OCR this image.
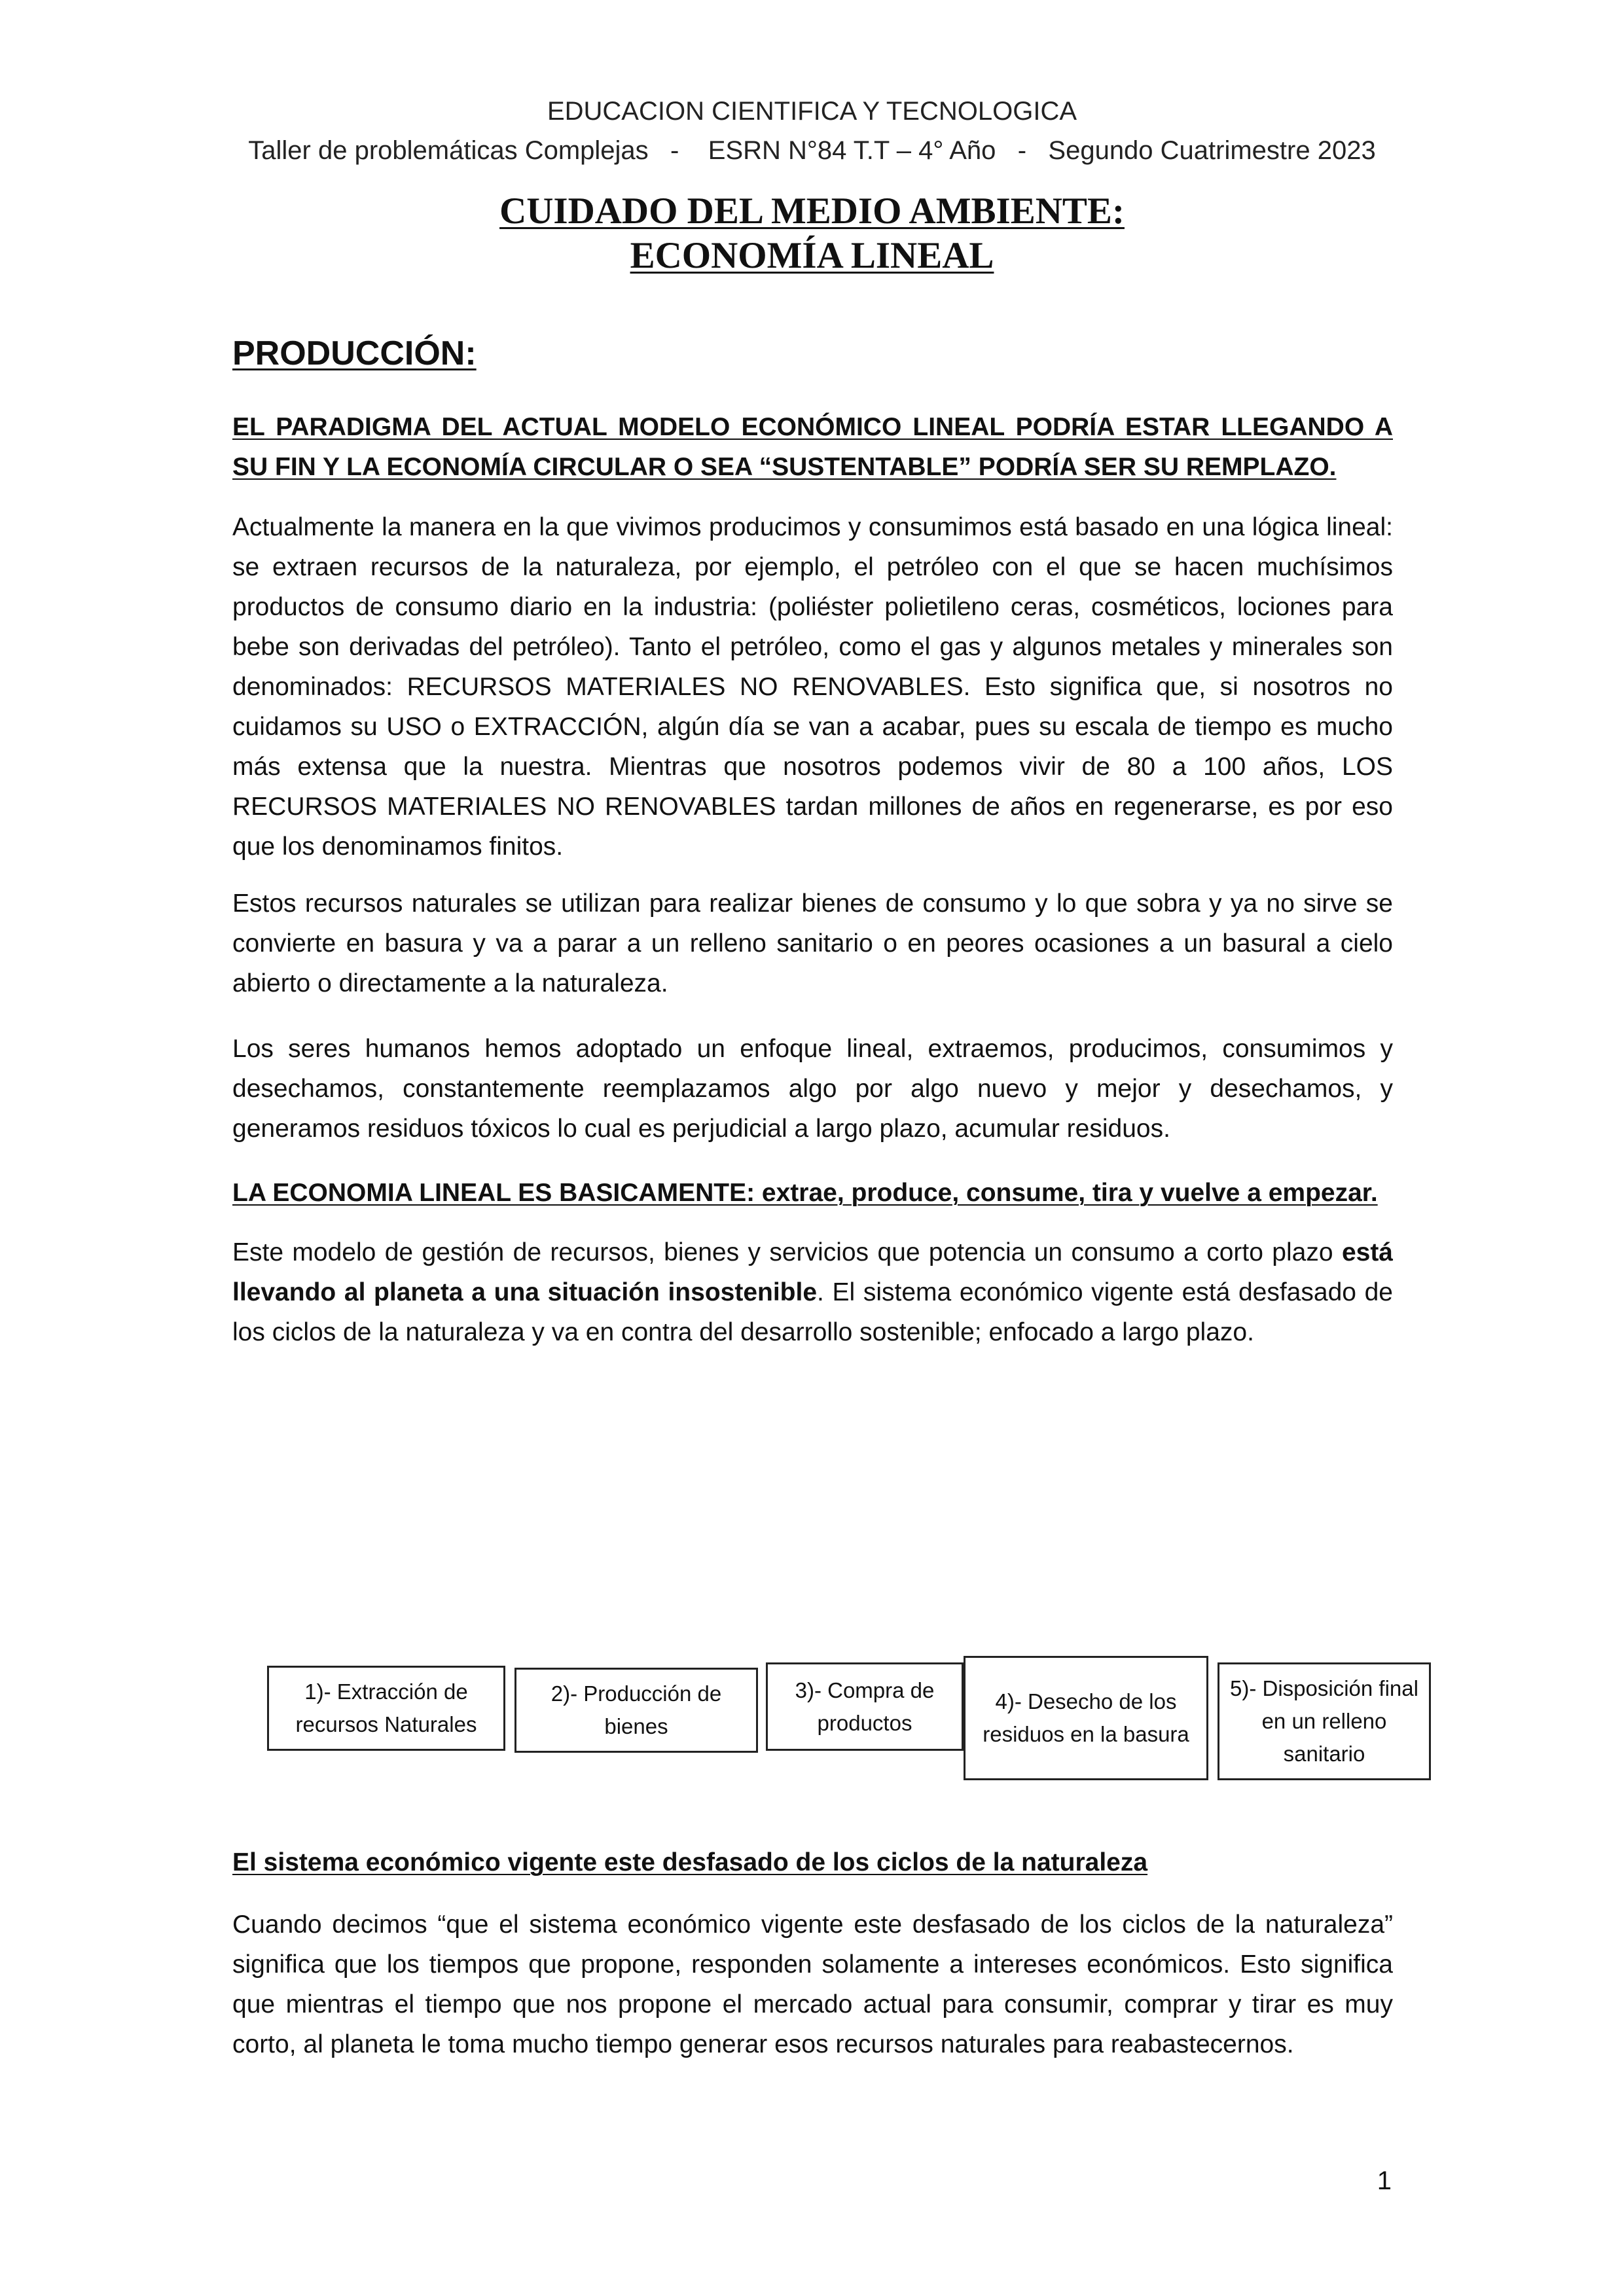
EDUCACION CIENTIFICA Y TECNOLOGICA
Taller de problemáticas Complejas   -    ESRN N°84 T.T – 4° Año   -   Segundo Cuatrimestre 2023
CUIDADO DEL MEDIO AMBIENTE:
ECONOMÍA LINEAL
PRODUCCIÓN:
EL PARADIGMA DEL ACTUAL MODELO ECONÓMICO LINEAL PODRÍA ESTAR LLEGANDO A SU FIN Y LA ECONOMÍA CIRCULAR O SEA “SUSTENTABLE” PODRÍA SER SU REMPLAZO.
Actualmente la manera en la que vivimos producimos y consumimos está basado en una lógica lineal: se extraen recursos de la naturaleza, por ejemplo, el petróleo con el que se hacen muchísimos productos de consumo diario en la industria: (poliéster polietileno ceras, cosméticos, lociones para bebe son derivadas del petróleo). Tanto el petróleo, como el gas y algunos metales y minerales son denominados: RECURSOS MATERIALES NO RENOVABLES. Esto significa que, si nosotros no cuidamos su USO o EXTRACCIÓN, algún día se van a acabar, pues su escala de tiempo es mucho más extensa que la nuestra. Mientras que nosotros podemos vivir de 80 a 100 años, LOS RECURSOS MATERIALES NO RENOVABLES tardan millones de años en regenerarse, es por eso que los denominamos finitos.
Estos recursos naturales se utilizan para realizar bienes de consumo y lo que sobra y ya no sirve se convierte en basura y va a parar a un relleno sanitario o en peores ocasiones a un basural a cielo abierto o directamente a la naturaleza.
Los seres humanos hemos adoptado un enfoque lineal, extraemos, producimos, consumimos y desechamos, constantemente reemplazamos algo por algo nuevo y mejor y desechamos, y generamos residuos tóxicos lo cual es perjudicial a largo plazo, acumular residuos.
LA ECONOMIA LINEAL ES BASICAMENTE: extrae, produce, consume, tira y vuelve a empezar.
Este modelo de gestión de recursos, bienes y servicios que potencia un consumo a corto plazo está llevando al planeta a una situación insostenible. El sistema económico vigente está desfasado de los ciclos de la naturaleza y va en contra del desarrollo sostenible; enfocado a largo plazo.
1)- Extracción de recursos Naturales
2)- Producción de bienes
3)- Compra de productos
4)- Desecho de los residuos en la basura
5)- Disposición final en un relleno sanitario
El sistema económico vigente este desfasado de los ciclos de la naturaleza
Cuando decimos “que el sistema económico vigente este desfasado de los ciclos de la naturaleza” significa que los tiempos que propone, responden solamente a intereses económicos. Esto significa que mientras el tiempo que nos propone el mercado actual para consumir, comprar y tirar es muy corto, al planeta le toma mucho tiempo generar esos recursos naturales para reabastecernos.
1
